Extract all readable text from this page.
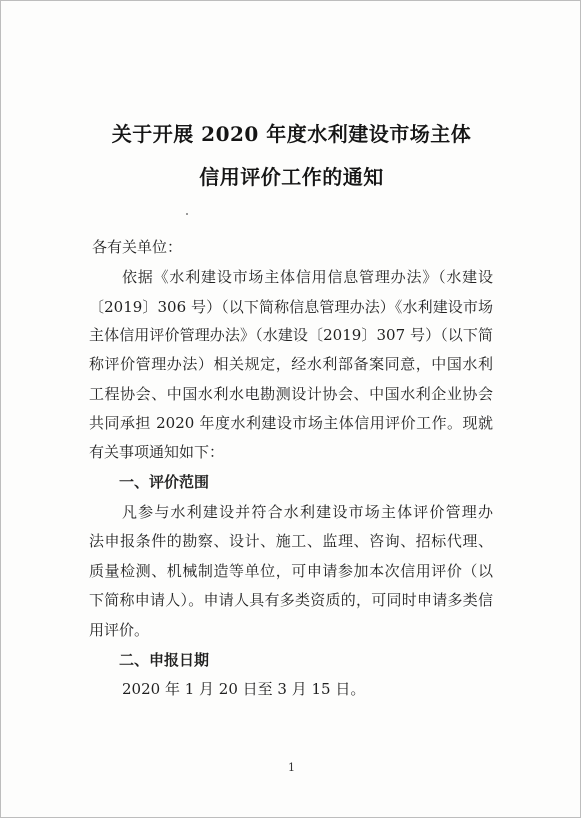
关于开展 2020 年度水利建设市场主体
信用评价工作的通知
各有关单位：
依据《水利建设市场主体信用信息管理办法》（水建设
〔2019〕306 号）（以下简称信息管理办法）《水利建设市场
主体信用评价管理办法》（水建设〔2019〕307 号）（以下简
称评价管理办法）相关规定，经水利部备案同意，中国水利
工程协会、中国水利水电勘测设计协会、中国水利企业协会
共同承担 2020 年度水利建设市场主体信用评价工作。现就
有关事项通知如下：
一、评价范围
凡参与水利建设并符合水利建设市场主体评价管理办
法申报条件的勘察、设计、施工、监理、咨询、招标代理、
质量检测、机械制造等单位，可申请参加本次信用评价（以
下简称申请人）。申请人具有多类资质的，可同时申请多类信
用评价。
二、申报日期
2020 年 1 月 20 日至 3 月 15 日。
1
